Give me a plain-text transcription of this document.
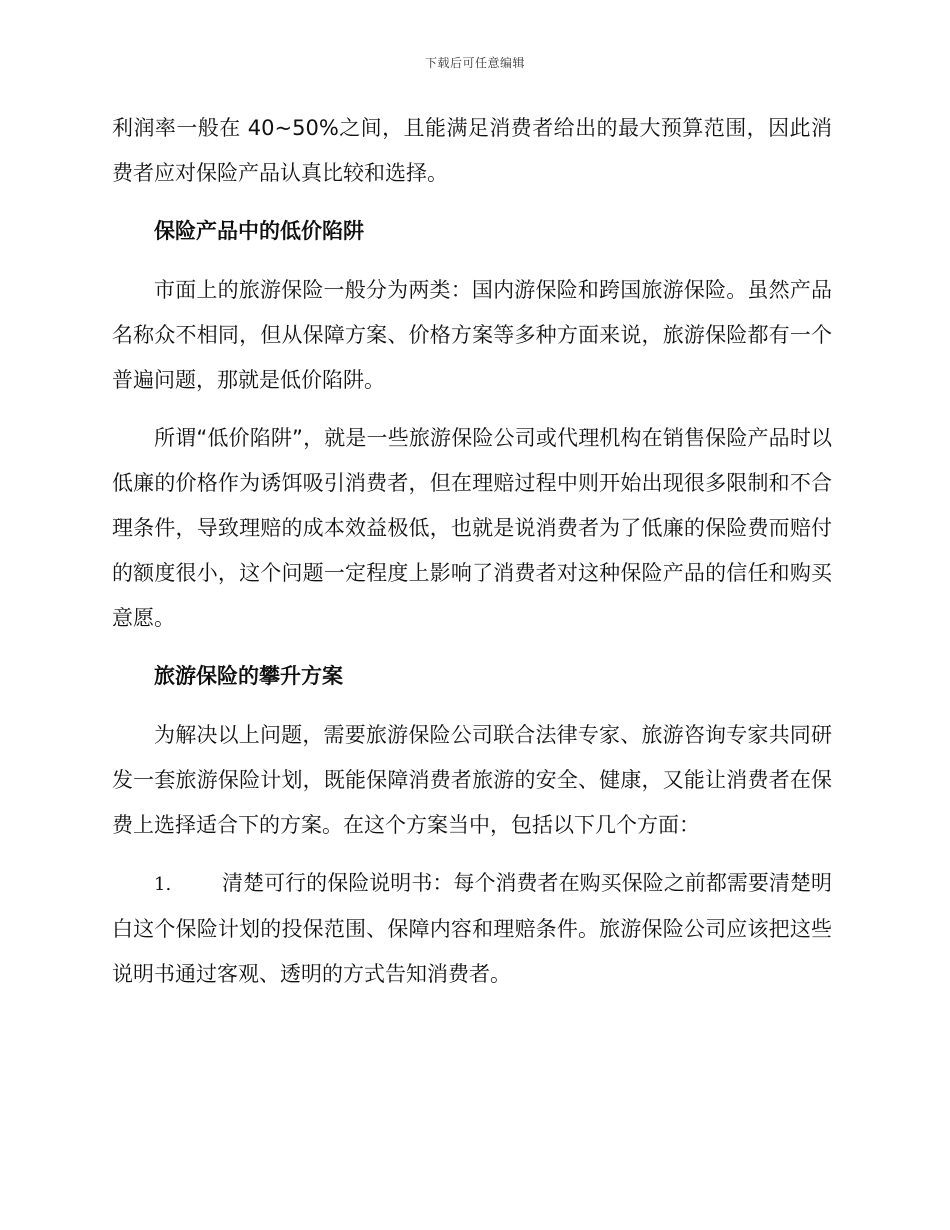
下载后可任意编辑

利润率一般在 40~50%之间，且能满足消费者给出的最大预算范围，因此消费者应对保险产品认真比较和选择。

保险产品中的低价陷阱

市面上的旅游保险一般分为两类：国内游保险和跨国旅游保险。虽然产品名称众不相同，但从保障方案、价格方案等多种方面来说，旅游保险都有一个普遍问题，那就是低价陷阱。

所谓“低价陷阱”，就是一些旅游保险公司或代理机构在销售保险产品时以低廉的价格作为诱饵吸引消费者，但在理赔过程中则开始出现很多限制和不合理条件，导致理赔的成本效益极低，也就是说消费者为了低廉的保险费而赔付的额度很小，这个问题一定程度上影响了消费者对这种保险产品的信任和购买意愿。

旅游保险的攀升方案

为解决以上问题，需要旅游保险公司联合法律专家、旅游咨询专家共同研发一套旅游保险计划，既能保障消费者旅游的安全、健康，又能让消费者在保费上选择适合下的方案。在这个方案当中，包括以下几个方面：

1. 清楚可行的保险说明书：每个消费者在购买保险之前都需要清楚明白这个保险计划的投保范围、保障内容和理赔条件。旅游保险公司应该把这些说明书通过客观、透明的方式告知消费者。
